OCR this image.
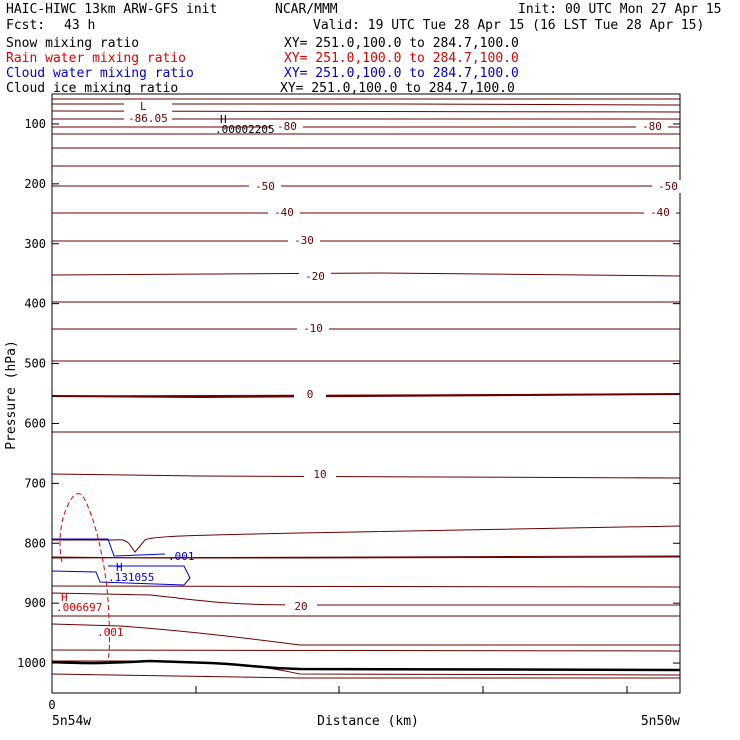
HAIC-HIWC 13km ARW-GFS init	NCAR/MMM	Init: 00 UTC Mon 27 Apr 15
Fcst: 43 h	Valid: 19 UTC Tue 28 Apr 15 (16 LST Tue 28 Apr 15)
Snow mixing ratio	XY= 251.0,100.0 to 284.7,100.0
Rain water mixing ratio	XY= 251.0,100.0 to 284.7,100.0
Cloud water mixing ratio	XY= 251.0,100.0 to 284.7,100.0
Cloud ice mixing ratio	XY= 251.0,100.0 to 284.7,100.0
100
200
300
400
500
600
700
800
900
1000
-80
-80
-50
-50
-40
-40
-30
-20
-10
0
10
20
L
-86.05	H
.00002205
H
.131055
H
.006697
.001
.001
Pressure (hPa)
Distance (km)
0
5n54w	5n50w
